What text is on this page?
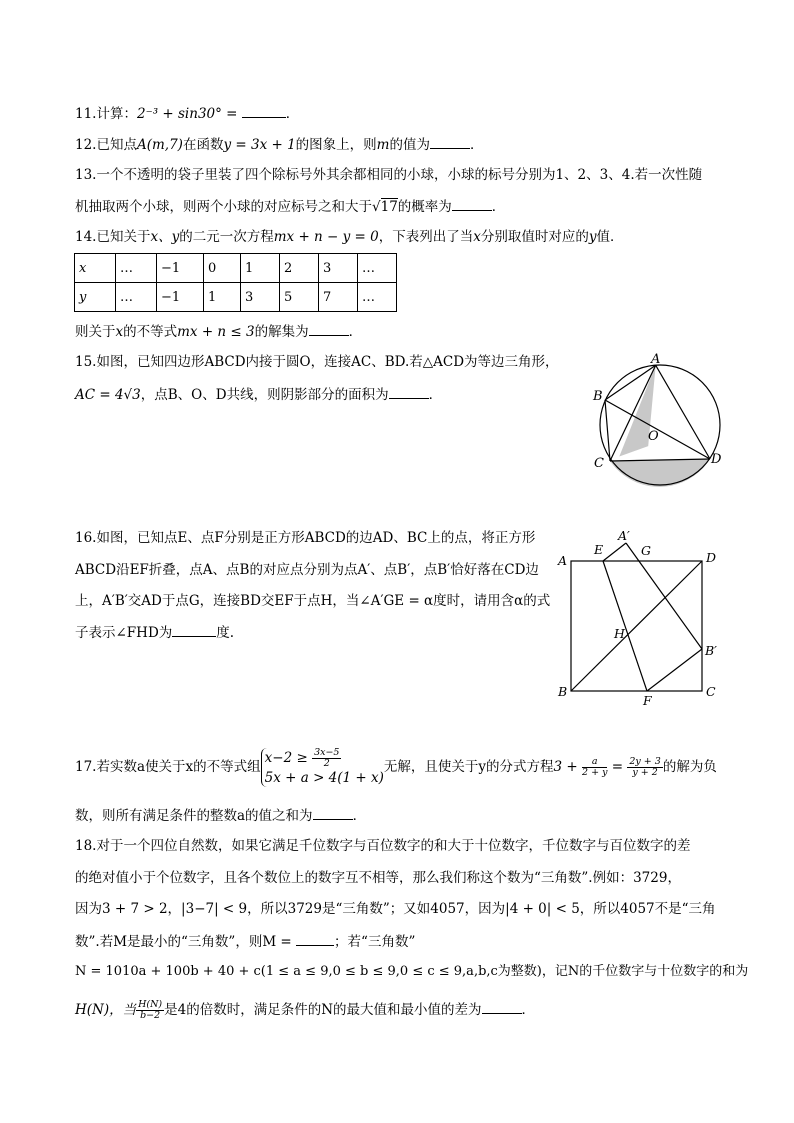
11.计算：2⁻³ + sin30° =	．
12.已知点A(m,7)在函数y = 3x + 1的图象上，则m的值为	．
13.一个不透明的袋子里装了四个除标号外其余都相同的小球，小球的标号分别为1、2、3、4.若一次性随
机抽取两个小球，则两个小球的对应标号之和大于√17的概率为	．
14.已知关于x、y的二元一次方程mx + n − y = 0，下表列出了当x分别取值时对应的y值．
x	…	−1	0	1	2	3	…
y	…	−1	1	3	5	7	…
则关于x的不等式mx + n ≤ 3的解集为	．
15.如图，已知四边形ABCD内接于圆O，连接AC、BD.若△ACD为等边三角形，
AC = 4√3，点B、O、D共线，则阴影部分的面积为	．
A
B
C	D
O
16.如图，已知点E、点F分别是正方形ABCD的边AD、BC上的点，将正方形
ABCD沿EF折叠，点A、点B的对应点分别为点A′、点B′，点B′恰好落在CD边
上，A′B′交AD于点G，连接BD交EF于点H，当∠A′GE = α度时，请用含α的式
子表示∠FHD为	度.
A
E
A′
G	D
H
B′
B
F
C
17.若实数a使关于x的不等式组
$x-2 \ge \frac{3x-5}{2}$
5x + a > 4(1 + x)
无解，且使关于y的分式方程$3 + \frac{a}{2 + y} = \frac{2y + 3}{y + 2}$ 的解为负
数，则所有满足条件的整数a的值之和为	．
18.对于一个四位自然数，如果它满足千位数字与百位数字的和大于十位数字，千位数字与百位数字的差
的绝对值小于个位数字，且各个数位上的数字互不相等，那么我们称这个数为“三角数”.例如：3729，
因为3 + 7 > 2，|3−7| < 9，所以3729是“三角数”；又如4057，因为|4 + 0| < 5，所以4057不是“三角
数”.若M是最小的“三角数”，则M =	；若“三角数”
N = 1010a + 100b + 40 + c(1 ≤ a ≤ 9,0 ≤ b ≤ 9,0 ≤ c ≤ 9,a,b,c为整数)，记N的千位数字与十位数字的和为
H(N)，当 $\frac{H(N)}{b-2}$ 是4的倍数时，满足条件的N的最大值和最小值的差为	．
